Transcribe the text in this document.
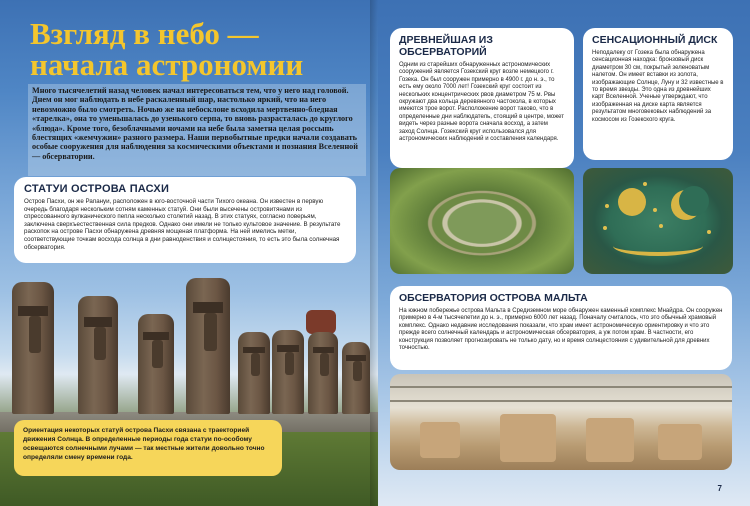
Взгляд в небо —
начала астрономии

Много тысячелетий назад человек начал интересоваться тем, что у него над головой. Днем он мог наблюдать в небе раскаленный шар, настолько яркий, что на него невозможно было смотреть. Ночью же на небосклоне всходила мертвенно-бледная «тарелка», она то уменьшалась до узенького серпа, то вновь разрасталась до круглого «блюда». Кроме того, безоблачными ночами на небе была заметна целая россыпь блестящих «жемчужин» разного размера. Наши первобытные предки начали создавать особые сооружения для наблюдения за космическими объектами и познания Вселенной — обсерватории.

СТАТУИ ОСТРОВА ПАСХИ

Остров Пасхи, он же Рапануи, расположен в юго-восточной части Тихого океана. Он известен в первую очередь благодаря нескольким сотням каменных статуй. Они были высечены островитянами из спрессованного вулканического пепла несколько столетий назад. В этих статуях, согласно поверьям, заключена сверхъестественная сила предков. Однако они имели не только культовое значение. В результате раскопок на острове Пасхи обнаружена древняя мощеная платформа. На ней имелись метки, соответствующие точкам восхода солнца в дни равноденствия и солнцестояния, то есть это была солнечная обсерватория.

Ориентация некоторых статуй острова Пасхи связана с траекторией движения Солнца. В определенные периоды года статуи по-особому освещаются солнечными лучами — так местные жители довольно точно определяли смену времени года.
ДРЕВНЕЙШАЯ ИЗ ОБСЕРВАТОРИЙ

Одним из старейших обнаруженных астрономических сооружений является Гозекский круг возле немецкого г. Гозека. Он был сооружен примерно в 4900 г. до н. э., то есть ему около 7000 лет! Гозекский круг состоит из нескольких концентрических рвов диаметром 75 м. Рвы окружают два кольца деревянного частокола, в которых имеются трое ворот. Расположение ворот таково, что в определенные дни наблюдатель, стоящий в центре, может видеть через разные ворота сначала восход, а затем заход Солнца. Гозекский круг использовался для астрономических наблюдений и составления календаря.

СЕНСАЦИОННЫЙ ДИСК

Неподалеку от Гозека была обнаружена сенсационная находка: бронзовый диск диаметром 30 см, покрытый зеленоватым налетом. Он имеет вставки из золота, изображающие Солнце, Луну и 32 известные в то время звезды. Это одна из древнейших карт Вселенной. Ученые утверждают, что изображенная на диске карта является результатом многовековых наблюдений за космосом из Гозекского круга.

ОБСЕРВАТОРИЯ ОСТРОВА МАЛЬТА

На южном побережье острова Мальта в Средиземном море обнаружен каменный комплекс Мнайдра. Он сооружен примерно в 4-м тысячелетии до н. э., примерно 6000 лет назад. Поначалу считалось, что это обычный храмовый комплекс. Однако недавние исследования показали, что храм имеет астрономическую ориентировку и что это прежде всего солнечный календарь и астрономическая обсерватория, а уж потом храм. В частности, его конструкция позволяет прогнозировать не только дату, но и время солнцестояния с удивительной для древних точностью.

7
